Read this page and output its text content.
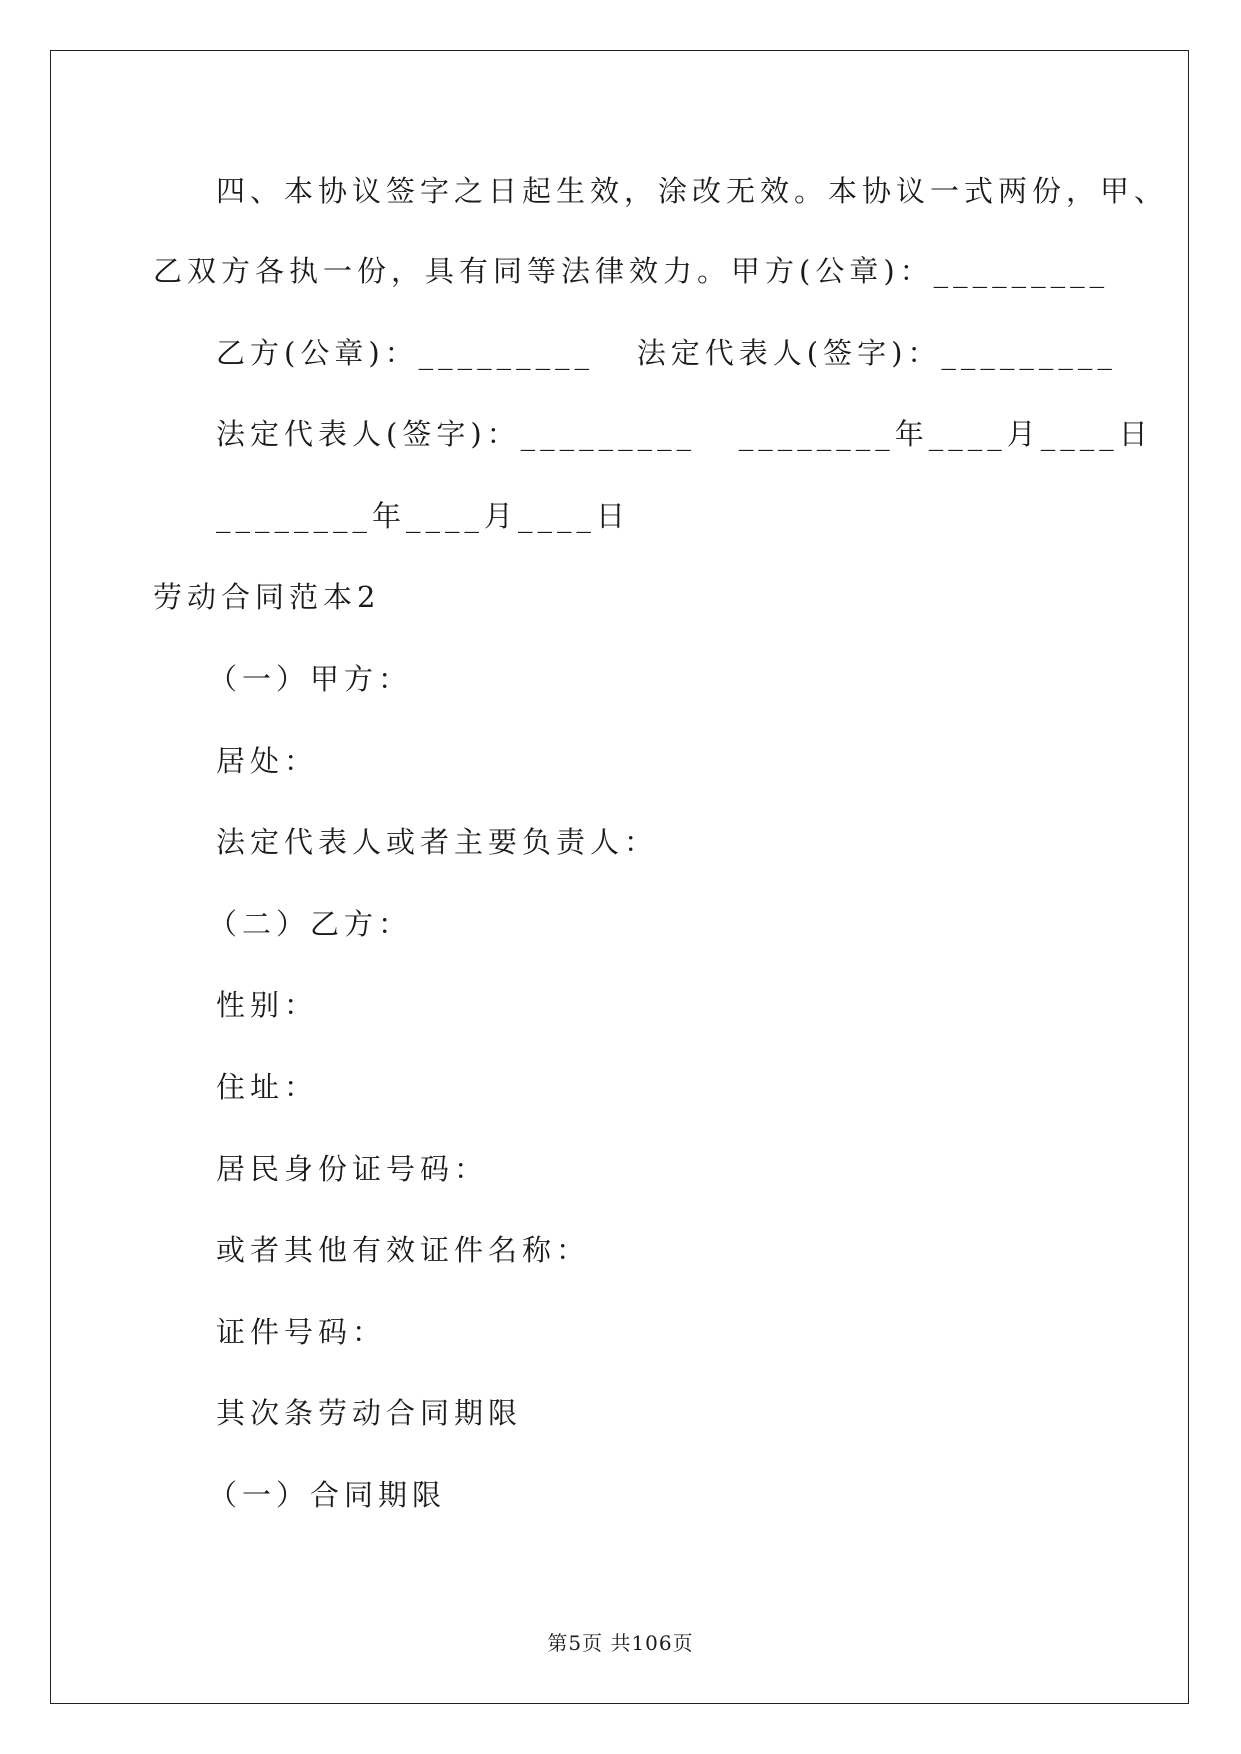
四、本协议签字之日起生效，涂改无效。本协议一式两份，甲、
乙双方各执一份，具有同等法律效力。甲方(公章)：_________
乙方(公章)：_________   法定代表人(签字)：_________
法定代表人(签字)：_________   ________年____月____日
________年____月____日
劳动合同范本2
（一）甲方：
居处：
法定代表人或者主要负责人：
（二）乙方：
性别：
住址：
居民身份证号码：
或者其他有效证件名称：
证件号码：
其次条劳动合同期限
（一）合同期限
第5页 共106页
